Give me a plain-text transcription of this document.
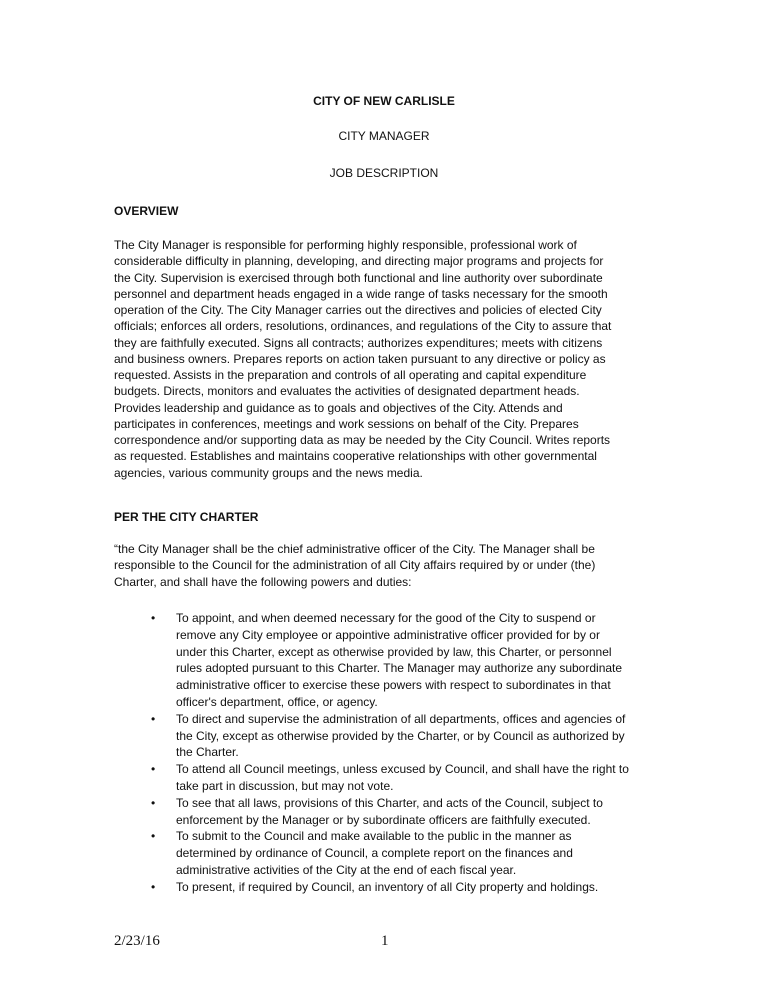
CITY OF NEW CARLISLE
CITY MANAGER
JOB DESCRIPTION
OVERVIEW

The City Manager is responsible for performing highly responsible, professional work of
considerable difficulty in planning, developing, and directing major programs and projects for
the City. Supervision is exercised through both functional and line authority over subordinate
personnel and department heads engaged in a wide range of tasks necessary for the smooth
operation of the City. The City Manager carries out the directives and policies of elected City
officials; enforces all orders, resolutions, ordinances, and regulations of the City to assure that
they are faithfully executed. Signs all contracts; authorizes expenditures; meets with citizens
and business owners. Prepares reports on action taken pursuant to any directive or policy as
requested. Assists in the preparation and controls of all operating and capital expenditure
budgets. Directs, monitors and evaluates the activities of designated department heads.
Provides leadership and guidance as to goals and objectives of the City. Attends and
participates in conferences, meetings and work sessions on behalf of the City. Prepares
correspondence and/or supporting data as may be needed by the City Council. Writes reports
as requested. Establishes and maintains cooperative relationships with other governmental
agencies, various community groups and the news media.

PER THE CITY CHARTER

“the City Manager shall be the chief administrative officer of the City. The Manager shall be
responsible to the Council for the administration of all City affairs required by or under (the)
Charter, and shall have the following powers and duties:

•	To appoint, and when deemed necessary for the good of the City to suspend or
remove any City employee or appointive administrative officer provided for by or
under this Charter, except as otherwise provided by law, this Charter, or personnel
rules adopted pursuant to this Charter. The Manager may authorize any subordinate
administrative officer to exercise these powers with respect to subordinates in that
officer's department, office, or agency.
•	To direct and supervise the administration of all departments, offices and agencies of
the City, except as otherwise provided by the Charter, or by Council as authorized by
the Charter.
•	To attend all Council meetings, unless excused by Council, and shall have the right to
take part in discussion, but may not vote.
•	To see that all laws, provisions of this Charter, and acts of the Council, subject to
enforcement by the Manager or by subordinate officers are faithfully executed.
•	To submit to the Council and make available to the public in the manner as
determined by ordinance of Council, a complete report on the finances and
administrative activities of the City at the end of each fiscal year.
•	To present, if required by Council, an inventory of all City property and holdings.
2/23/16	1
